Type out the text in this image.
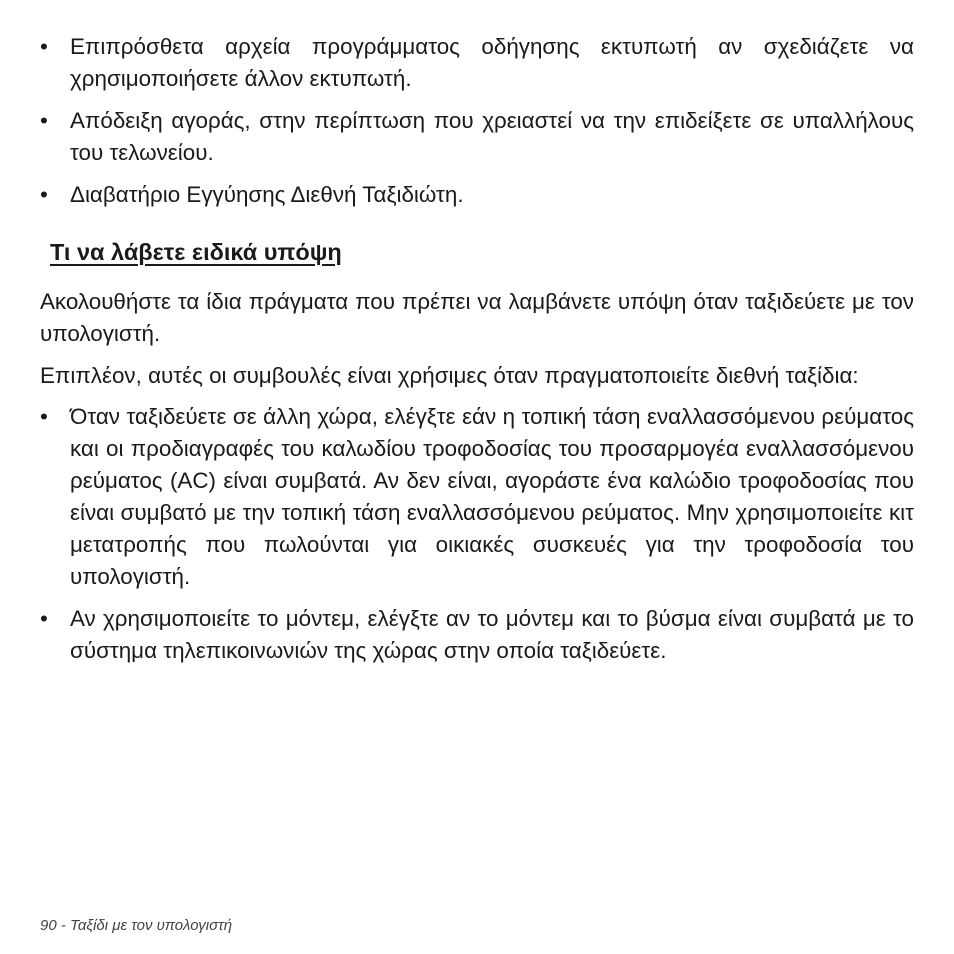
• Επιπρόσθετα αρχεία προγράμματος οδήγησης εκτυπωτή αν σχεδιάζετε να χρησιμοποιήσετε άλλον εκτυπωτή.
• Απόδειξη αγοράς, στην περίπτωση που χρειαστεί να την επιδείξετε σε υπαλλήλους του τελωνείου.
• Διαβατήριο Εγγύησης Διεθνή Ταξιδιώτη.
Τι να λάβετε ειδικά υπόψη

Ακολουθήστε τα ίδια πράγματα που πρέπει να λαμβάνετε υπόψη όταν ταξιδεύετε με τον υπολογιστή.

Επιπλέον, αυτές οι συμβουλές είναι χρήσιμες όταν πραγματοποιείτε διεθνή ταξίδια:

• Όταν ταξιδεύετε σε άλλη χώρα, ελέγξτε εάν η τοπική τάση εναλλασσόμενου ρεύματος και οι προδιαγραφές του καλωδίου τροφοδοσίας του προσαρμογέα εναλλασσόμενου ρεύματος (AC) είναι συμβατά. Αν δεν είναι, αγοράστε ένα καλώδιο τροφοδοσίας που είναι συμβατό με την τοπική τάση εναλλασσόμενου ρεύματος. Μην χρησιμοποιείτε κιτ μετατροπής που πωλούνται για οικιακές συσκευές για την τροφοδοσία του υπολογιστή.
• Αν χρησιμοποιείτε το μόντεμ, ελέγξτε αν το μόντεμ και το βύσμα είναι συμβατά με το σύστημα τηλεπικοινωνιών της χώρας στην οποία ταξιδεύετε.
90 - Ταξίδι με τον υπολογιστή
